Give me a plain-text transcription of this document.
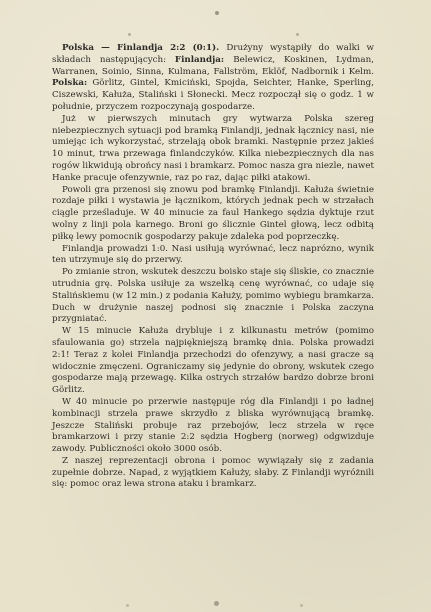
Polska — Finlandja 2:2 (0:1). Drużyny wystąpiły do walki w składach następujących: Finlandja: Belewicz, Koskinen, Lydman, Warranen, Soinio, Sinna, Kulmana, Fallström, Eklöf, Nadbornik i Kelm. Polska: Görlitz, Gintel, Kmiciński, Spojda, Seichter, Hanke, Sperling, Ciszewski, Kałuża, Staliński i Słonecki. Mecz rozpoczął się o godz. 1 w południe, przyczem rozpoczynają gospodarze.

Już w pierwszych minutach gry wytwarza Polska szereg niebezpiecznych sytuacji pod bramką Finlandji, jednak łącznicy nasi, nie umiejąc ich wykorzystać, strzelają obok bramki. Następnie przez jakieś 10 minut, trwa przewaga finlandczyków. Kilka niebezpiecznych dla nas rogów likwidują obrońcy nasi i bramkarz. Pomoc nasza gra niezle, nawet Hanke pracuje ofenzywnie, raz po raz, dając piłki atakowi.

Powoli gra przenosi się znowu pod bramkę Finlandji. Kałuża świetnie rozdaje piłki i wystawia je łącznikom, których jednak pech w strzałach ciągle prześladuje. W 40 minucie za faul Hankego sędzia dyktuje rzut wolny z linji pola karnego. Broni go ślicznie Gintel głową, lecz odbitą piłkę lewy pomocnik gospodarzy pakuje zdaleka pod poprzeczkę.

Finlandja prowadzi 1:0. Nasi usiłują wyrównać, lecz naprózno, wynik ten utrzymuje się do przerwy.

Po zmianie stron, wskutek deszczu boisko staje się śliskie, co znacznie utrudnia grę. Polska usiłuje za wszelką cenę wyrównać, co udaje się Stalińskiemu (w 12 min.) z podania Kałuży, pomimo wybiegu bramkarza. Duch w drużynie naszej podnosi się znacznie i Polska zaczyna przygniatać.

W 15 minucie Kałuża drybluje i z kilkunastu metrów (pomimo sfaulowania go) strzela najpiękniejszą bramkę dnia. Polska prowadzi 2:1! Teraz z kolei Finlandja przechodzi do ofenzywy, a nasi gracze są widocznie zmęczeni. Ograniczamy się jedynie do obrony, wskutek czego gospodarze mają przewagę. Kilka ostrych strzałów bardzo dobrze broni Görlitz.

W 40 minucie po przerwie następuje róg dla Finlandji i po ładnej kombinacji strzela prawe skrzydło z bliska wyrównującą bramkę. Jeszcze Staliński probuje raz przebojów, lecz strzela w ręce bramkarzowi i przy stanie 2:2 sędzia Hogberg (norweg) odgwizduje zawody. Publiczności około 3000 osób.

Z naszej reprezentacji obrona i pomoc wywiązały się z zadania zupełnie dobrze. Napad, z wyjątkiem Kałuży, słaby. Z Finlandji wyróżnili się: pomoc oraz lewa strona ataku i bramkarz.
